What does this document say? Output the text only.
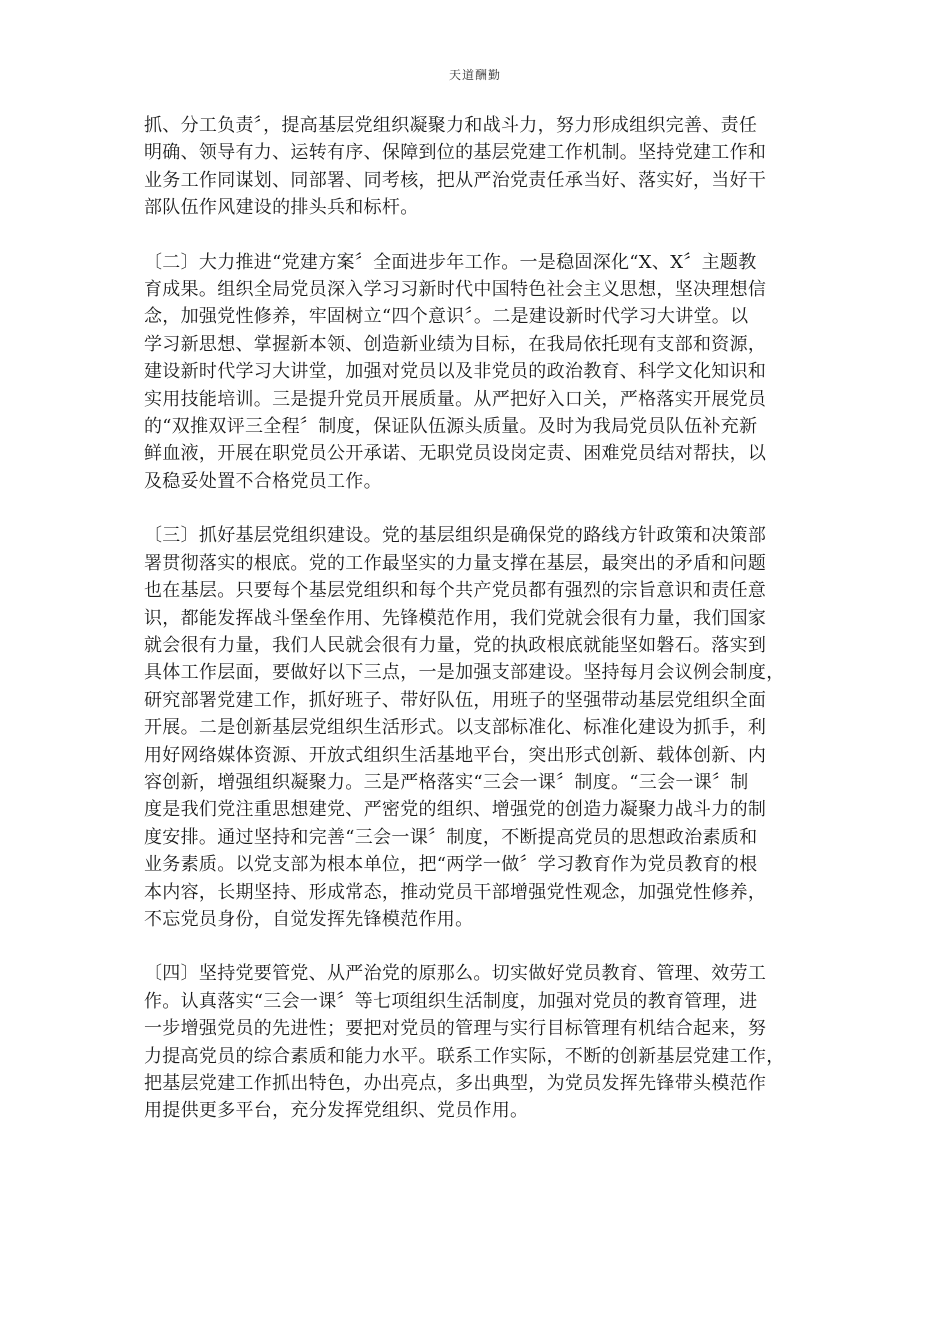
天道酬勤

抓、分工负责〞，提高基层党组织凝聚力和战斗力，努力形成组织完善、责任
明确、领导有力、运转有序、保障到位的基层党建工作机制。坚持党建工作和
业务工作同谋划、同部署、同考核，把从严治党责任承当好、落实好，当好干
部队伍作风建设的排头兵和标杆。

〔二〕大力推进“党建方案〞全面进步年工作。一是稳固深化“X、X〞主题教
育成果。组织全局党员深入学习习新时代中国特色社会主义思想，坚决理想信
念，加强党性修养，牢固树立“四个意识〞。二是建设新时代学习大讲堂。以
学习新思想、掌握新本领、创造新业绩为目标，在我局依托现有支部和资源，
建设新时代学习大讲堂，加强对党员以及非党员的政治教育、科学文化知识和
实用技能培训。三是提升党员开展质量。从严把好入口关，严格落实开展党员
的“双推双评三全程〞制度，保证队伍源头质量。及时为我局党员队伍补充新
鲜血液，开展在职党员公开承诺、无职党员设岗定责、困难党员结对帮扶，以
及稳妥处置不合格党员工作。

〔三〕抓好基层党组织建设。党的基层组织是确保党的路线方针政策和决策部
署贯彻落实的根底。党的工作最坚实的力量支撑在基层，最突出的矛盾和问题
也在基层。只要每个基层党组织和每个共产党员都有强烈的宗旨意识和责任意
识，都能发挥战斗堡垒作用、先锋模范作用，我们党就会很有力量，我们国家
就会很有力量，我们人民就会很有力量，党的执政根底就能坚如磐石。落实到
具体工作层面，要做好以下三点，一是加强支部建设。坚持每月会议例会制度，
研究部署党建工作，抓好班子、带好队伍，用班子的坚强带动基层党组织全面
开展。二是创新基层党组织生活形式。以支部标准化、标准化建设为抓手，利
用好网络媒体资源、开放式组织生活基地平台，突出形式创新、载体创新、内
容创新，增强组织凝聚力。三是严格落实“三会一课〞制度。“三会一课〞制
度是我们党注重思想建党、严密党的组织、增强党的创造力凝聚力战斗力的制
度安排。通过坚持和完善“三会一课〞制度，不断提高党员的思想政治素质和
业务素质。以党支部为根本单位，把“两学一做〞学习教育作为党员教育的根
本内容，长期坚持、形成常态，推动党员干部增强党性观念，加强党性修养，
不忘党员身份，自觉发挥先锋模范作用。

〔四〕坚持党要管党、从严治党的原那么。切实做好党员教育、管理、效劳工
作。认真落实“三会一课〞等七项组织生活制度，加强对党员的教育管理，进
一步增强党员的先进性；要把对党员的管理与实行目标管理有机结合起来，努
力提高党员的综合素质和能力水平。联系工作实际，不断的创新基层党建工作，
把基层党建工作抓出特色，办出亮点，多出典型，为党员发挥先锋带头模范作
用提供更多平台，充分发挥党组织、党员作用。
